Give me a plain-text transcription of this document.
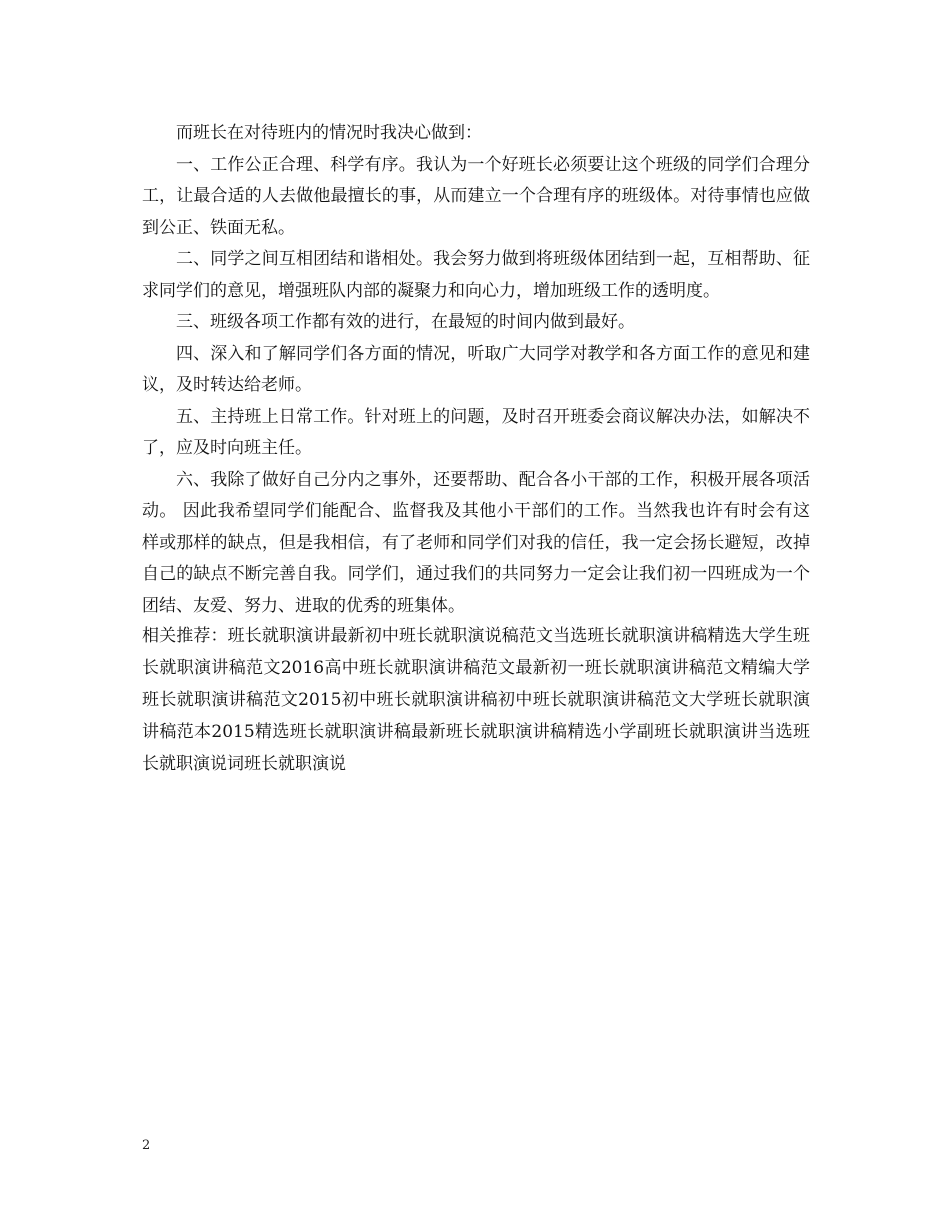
而班长在对待班内的情况时我决心做到：

一、工作公正合理、科学有序。我认为一个好班长必须要让这个班级的同学们合理分工，让最合适的人去做他最擅长的事，从而建立一个合理有序的班级体。对待事情也应做到公正、铁面无私。

二、同学之间互相团结和谐相处。我会努力做到将班级体团结到一起，互相帮助、征求同学们的意见，增强班队内部的凝聚力和向心力，增加班级工作的透明度。

三、班级各项工作都有效的进行，在最短的时间内做到最好。

四、深入和了解同学们各方面的情况，听取广大同学对教学和各方面工作的意见和建议，及时转达给老师。

五、主持班上日常工作。针对班上的问题，及时召开班委会商议解决办法，如解决不了，应及时向班主任。

六、我除了做好自己分内之事外，还要帮助、配合各小干部的工作，积极开展各项活动。 因此我希望同学们能配合、监督我及其他小干部们的工作。当然我也许有时会有这样或那样的缺点，但是我相信，有了老师和同学们对我的信任，我一定会扬长避短，改掉自己的缺点不断完善自我。同学们，通过我们的共同努力一定会让我们初一四班成为一个团结、友爱、努力、进取的优秀的班集体。

相关推荐：班长就职演讲最新初中班长就职演说稿范文当选班长就职演讲稿精选大学生班长就职演讲稿范文2016高中班长就职演讲稿范文最新初一班长就职演讲稿范文精编大学班长就职演讲稿范文2015初中班长就职演讲稿初中班长就职演讲稿范文大学班长就职演讲稿范本2015精选班长就职演讲稿最新班长就职演讲稿精选小学副班长就职演讲当选班长就职演说词班长就职演说

2
